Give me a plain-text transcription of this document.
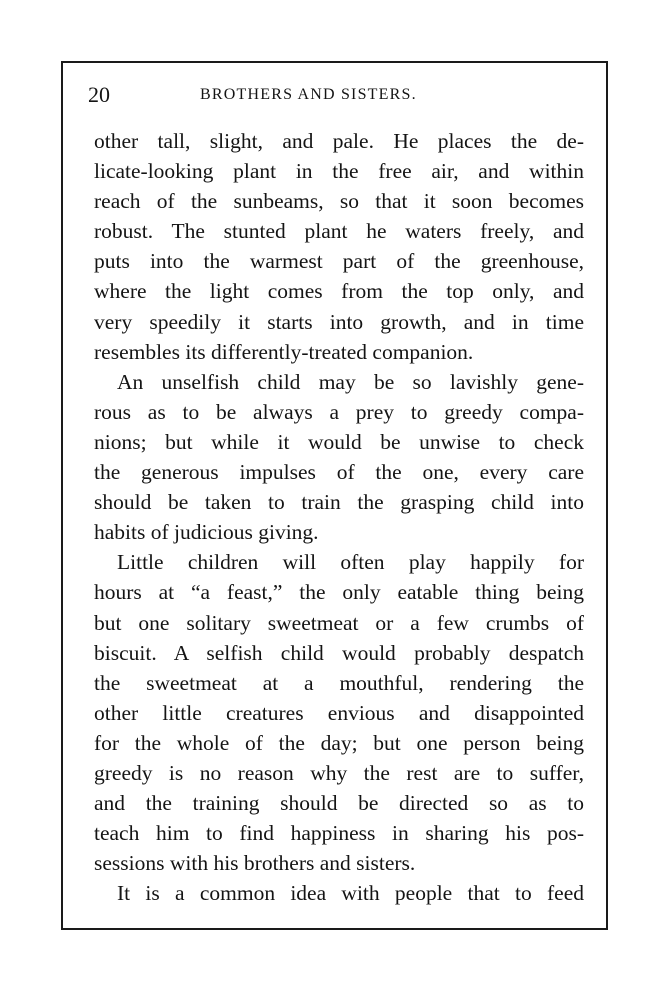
20	BROTHERS AND SISTERS.
other tall, slight, and pale. He places the de-
licate-looking plant in the free air, and within
reach of the sunbeams, so that it soon becomes
robust. The stunted plant he waters freely, and
puts into the warmest part of the greenhouse,
where the light comes from the top only, and
very speedily it starts into growth, and in time
resembles its differently-treated companion.
An unselfish child may be so lavishly gene-
rous as to be always a prey to greedy compa-
nions; but while it would be unwise to check
the generous impulses of the one, every care
should be taken to train the grasping child into
habits of judicious giving.
Little children will often play happily for
hours at “a feast,” the only eatable thing being
but one solitary sweetmeat or a few crumbs of
biscuit. A selfish child would probably despatch
the sweetmeat at a mouthful, rendering the
other little creatures envious and disappointed
for the whole of the day; but one person being
greedy is no reason why the rest are to suffer,
and the training should be directed so as to
teach him to find happiness in sharing his pos-
sessions with his brothers and sisters.
It is a common idea with people that to feed
